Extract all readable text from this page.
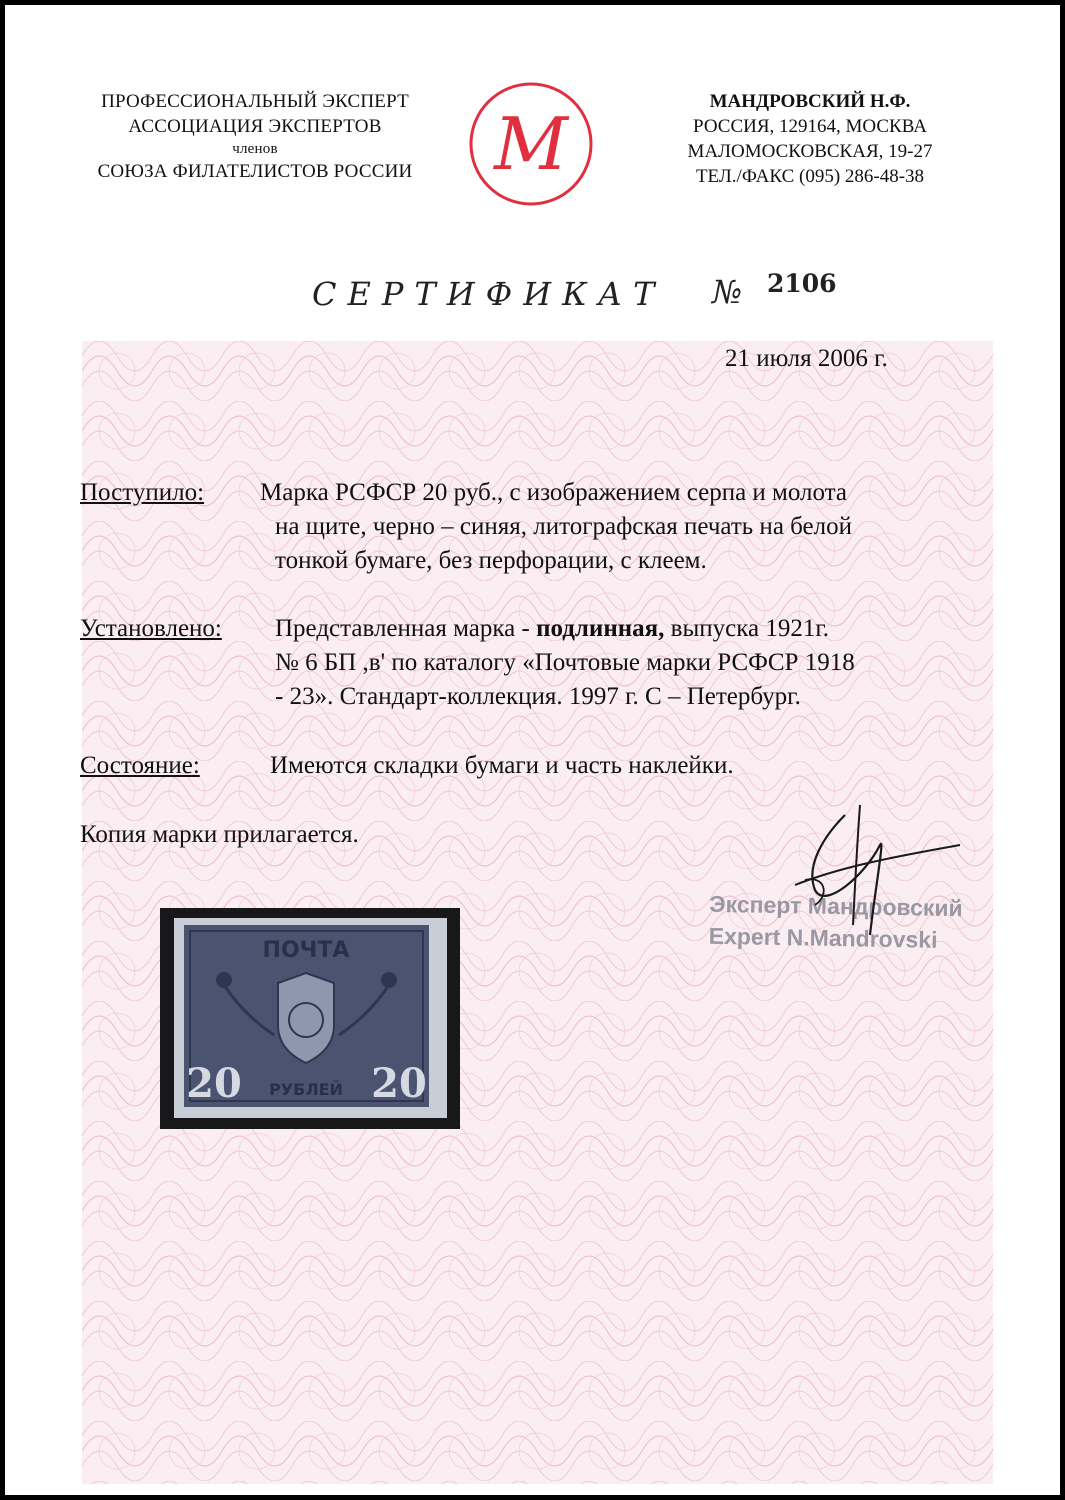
ПРОФЕССИОНАЛЬНЫЙ ЭКСПЕРТ
АССОЦИАЦИЯ ЭКСПЕРТОВ
членов
СОЮЗА ФИЛАТЕЛИСТОВ РОССИИ	M
МАНДРОВСКИЙ Н.Ф.
РОССИЯ, 129164, МОСКВА
МАЛОМОСКОВСКАЯ, 19-27
ТЕЛ./ФАКС (095) 286-48-38
СЕРТИФИКАТ № 2106
21 июля 2006 г.
Поступило: Марка РСФСР 20 руб., с изображением серпа и молота
на щите, черно – синяя, литографская печать на белой
тонкой бумаге, без перфорации, с клеем.
Установлено: Представленная марка - подлинная, выпуска 1921г.
№ 6 БП ,в' по каталогу «Почтовые марки РСФСР 1918
- 23». Стандарт-коллекция. 1997 г. С – Петербург.
Состояние:	Имеются складки бумаги и часть наклейки.
Копия марки прилагается.
Эксперт Мандровский
Expert N.Mandrovski
ПОЧТА
20	20
РУБЛЕЙ
